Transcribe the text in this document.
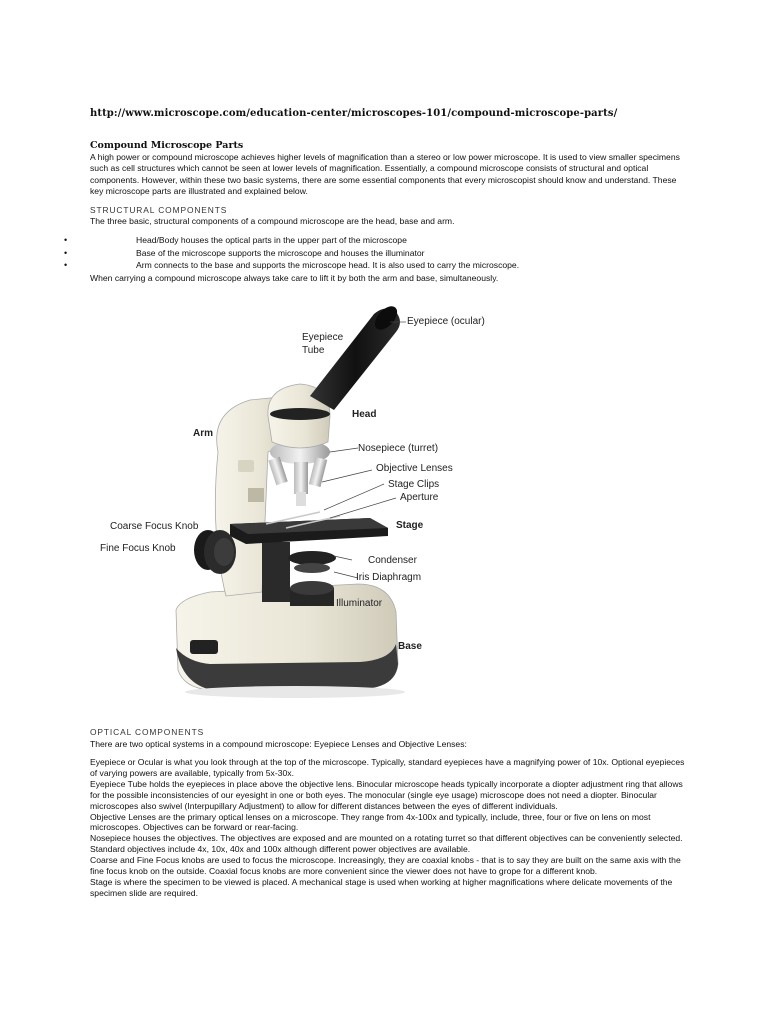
http://www.microscope.com/education-center/microscopes-101/compound-microscope-parts/
Compound Microscope Parts
A high power or compound microscope achieves higher levels of magnification than a stereo or low power microscope. It is used to view smaller specimens such as cell structures which cannot be seen at lower levels of magnification. Essentially, a compound microscope consists of structural and optical components. However, within these two basic systems, there are some essential components that every microscopist should know and understand. These key microscope parts are illustrated and explained below.
STRUCTURAL COMPONENTS
The three basic, structural components of a compound microscope are the head, base and arm.
•	Head/Body houses the optical parts in the upper part of the microscope
•	Base of the microscope supports the microscope and houses the illuminator
•	Arm connects to the base and supports the microscope head. It is also used to carry the microscope.
When carrying a compound microscope always take care to lift it by both the arm and base, simultaneously.
Eyepiece (ocular)
Eyepiece
Tube
Head
Arm
Nosepiece (turret)
Objective Lenses
Stage Clips
Aperture
Coarse Focus Knob	Stage
Fine Focus Knob
Condenser
Iris Diaphragm
Illuminator
Base
OPTICAL COMPONENTS
There are two optical systems in a compound microscope: Eyepiece Lenses and Objective Lenses:

Eyepiece or Ocular is what you look through at the top of the microscope. Typically, standard eyepieces have a magnifying power of 10x. Optional eyepieces of varying powers are available, typically from 5x-30x.

Eyepiece Tube holds the eyepieces in place above the objective lens. Binocular microscope heads typically incorporate a diopter adjustment ring that allows for the possible inconsistencies of our eyesight in one or both eyes. The monocular (single eye usage) microscope does not need a diopter. Binocular microscopes also swivel (Interpupillary Adjustment) to allow for different distances between the eyes of different individuals.

Objective Lenses are the primary optical lenses on a microscope. They range from 4x-100x and typically, include, three, four or five on lens on most microscopes. Objectives can be forward or rear-facing.

Nosepiece houses the objectives. The objectives are exposed and are mounted on a rotating turret so that different objectives can be conveniently selected. Standard objectives include 4x, 10x, 40x and 100x although different power objectives are available.

Coarse and Fine Focus knobs are used to focus the microscope. Increasingly, they are coaxial knobs - that is to say they are built on the same axis with the fine focus knob on the outside. Coaxial focus knobs are more convenient since the viewer does not have to grope for a different knob.

Stage is where the specimen to be viewed is placed. A mechanical stage is used when working at higher magnifications where delicate movements of the specimen slide are required.
